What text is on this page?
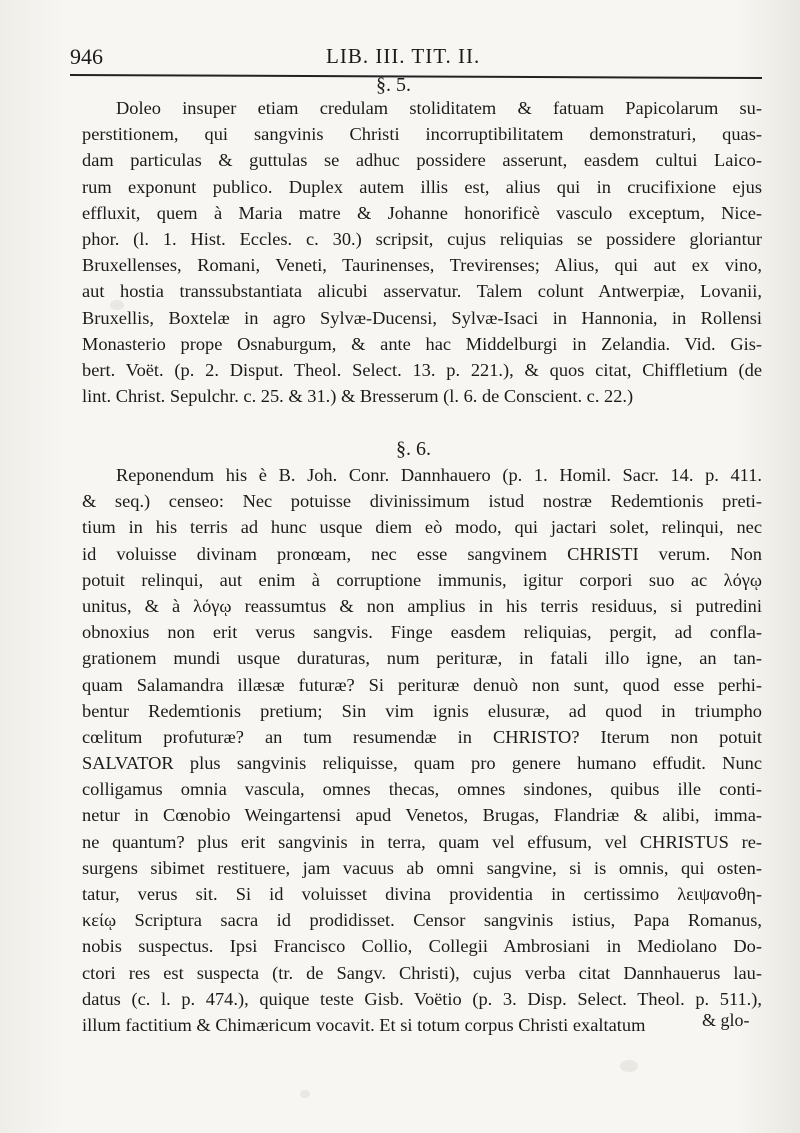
946	LIB. III. TIT. II.
§. 5.
Doleo insuper etiam credulam stoliditatem & fatuam Papicolarum su-
perstitionem, qui sangvinis Christi incorruptibilitatem demonstraturi, quas-
dam particulas & guttulas se adhuc possidere asserunt, easdem cultui Laico-
rum exponunt publico. Duplex autem illis est, alius qui in crucifixione ejus
effluxit, quem à Maria matre & Johanne honorificè vasculo exceptum, Nice-
phor. (l. 1. Hist. Eccles. c. 30.) scripsit, cujus reliquias se possidere gloriantur
Bruxellenses, Romani, Veneti, Taurinenses, Trevirenses; Alius, qui aut ex vino,
aut hostia transsubstantiata alicubi asservatur. Talem colunt Antwerpiæ, Lovanii,
Bruxellis, Boxtelæ in agro Sylvæ-Ducensi, Sylvæ-Isaci in Hannonia, in Rollensi
Monasterio prope Osnaburgum, & ante hac Middelburgi in Zelandia. Vid. Gis-
bert. Voët. (p. 2. Disput. Theol. Select. 13. p. 221.), & quos citat, Chiffletium (de
lint. Christ. Sepulchr. c. 25. & 31.) & Bresserum (l. 6. de Conscient. c. 22.)
§. 6.
Reponendum his è B. Joh. Conr. Dannhauero (p. 1. Homil. Sacr. 14. p. 411.
& seq.) censeo: Nec potuisse divinissimum istud nostræ Redemtionis preti-
tium in his terris ad hunc usque diem eò modo, qui jactari solet, relinqui, nec
id voluisse divinam pronœam, nec esse sangvinem CHRISTI verum. Non
potuit relinqui, aut enim à corruptione immunis, igitur corpori suo ac λόγῳ
unitus, & à λόγῳ reassumtus & non amplius in his terris residuus, si putredini
obnoxius non erit verus sangvis. Finge easdem reliquias, pergit, ad confla-
grationem mundi usque duraturas, num perituræ, in fatali illo igne, an tan-
quam Salamandra illæsæ futuræ? Si perituræ denuò non sunt, quod esse perhi-
bentur Redemtionis pretium; Sin vim ignis elusuræ, ad quod in triumpho
cœlitum profuturæ? an tum resumendæ in CHRISTO? Iterum non potuit
SALVATOR plus sangvinis reliquisse, quam pro genere humano effudit. Nunc
colligamus omnia vascula, omnes thecas, omnes sindones, quibus ille conti-
netur in Cœnobio Weingartensi apud Venetos, Brugas, Flandriæ & alibi, imma-
ne quantum? plus erit sangvinis in terra, quam vel effusum, vel CHRISTUS re-
surgens sibimet restituere, jam vacuus ab omni sangvine, si is omnis, qui osten-
tatur, verus sit. Si id voluisset divina providentia in certissimo λειψανοθη-
κείῳ Scriptura sacra id prodidisset. Censor sangvinis istius, Papa Romanus,
nobis suspectus. Ipsi Francisco Collio, Collegii Ambrosiani in Mediolano Do-
ctori res est suspecta (tr. de Sangv. Christi), cujus verba citat Dannhauerus lau-
datus (c. l. p. 474.), quique teste Gisb. Voëtio (p. 3. Disp. Select. Theol. p. 511.),
illum factitium & Chimæricum vocavit. Et si totum corpus Christi exaltatum	& glo-
